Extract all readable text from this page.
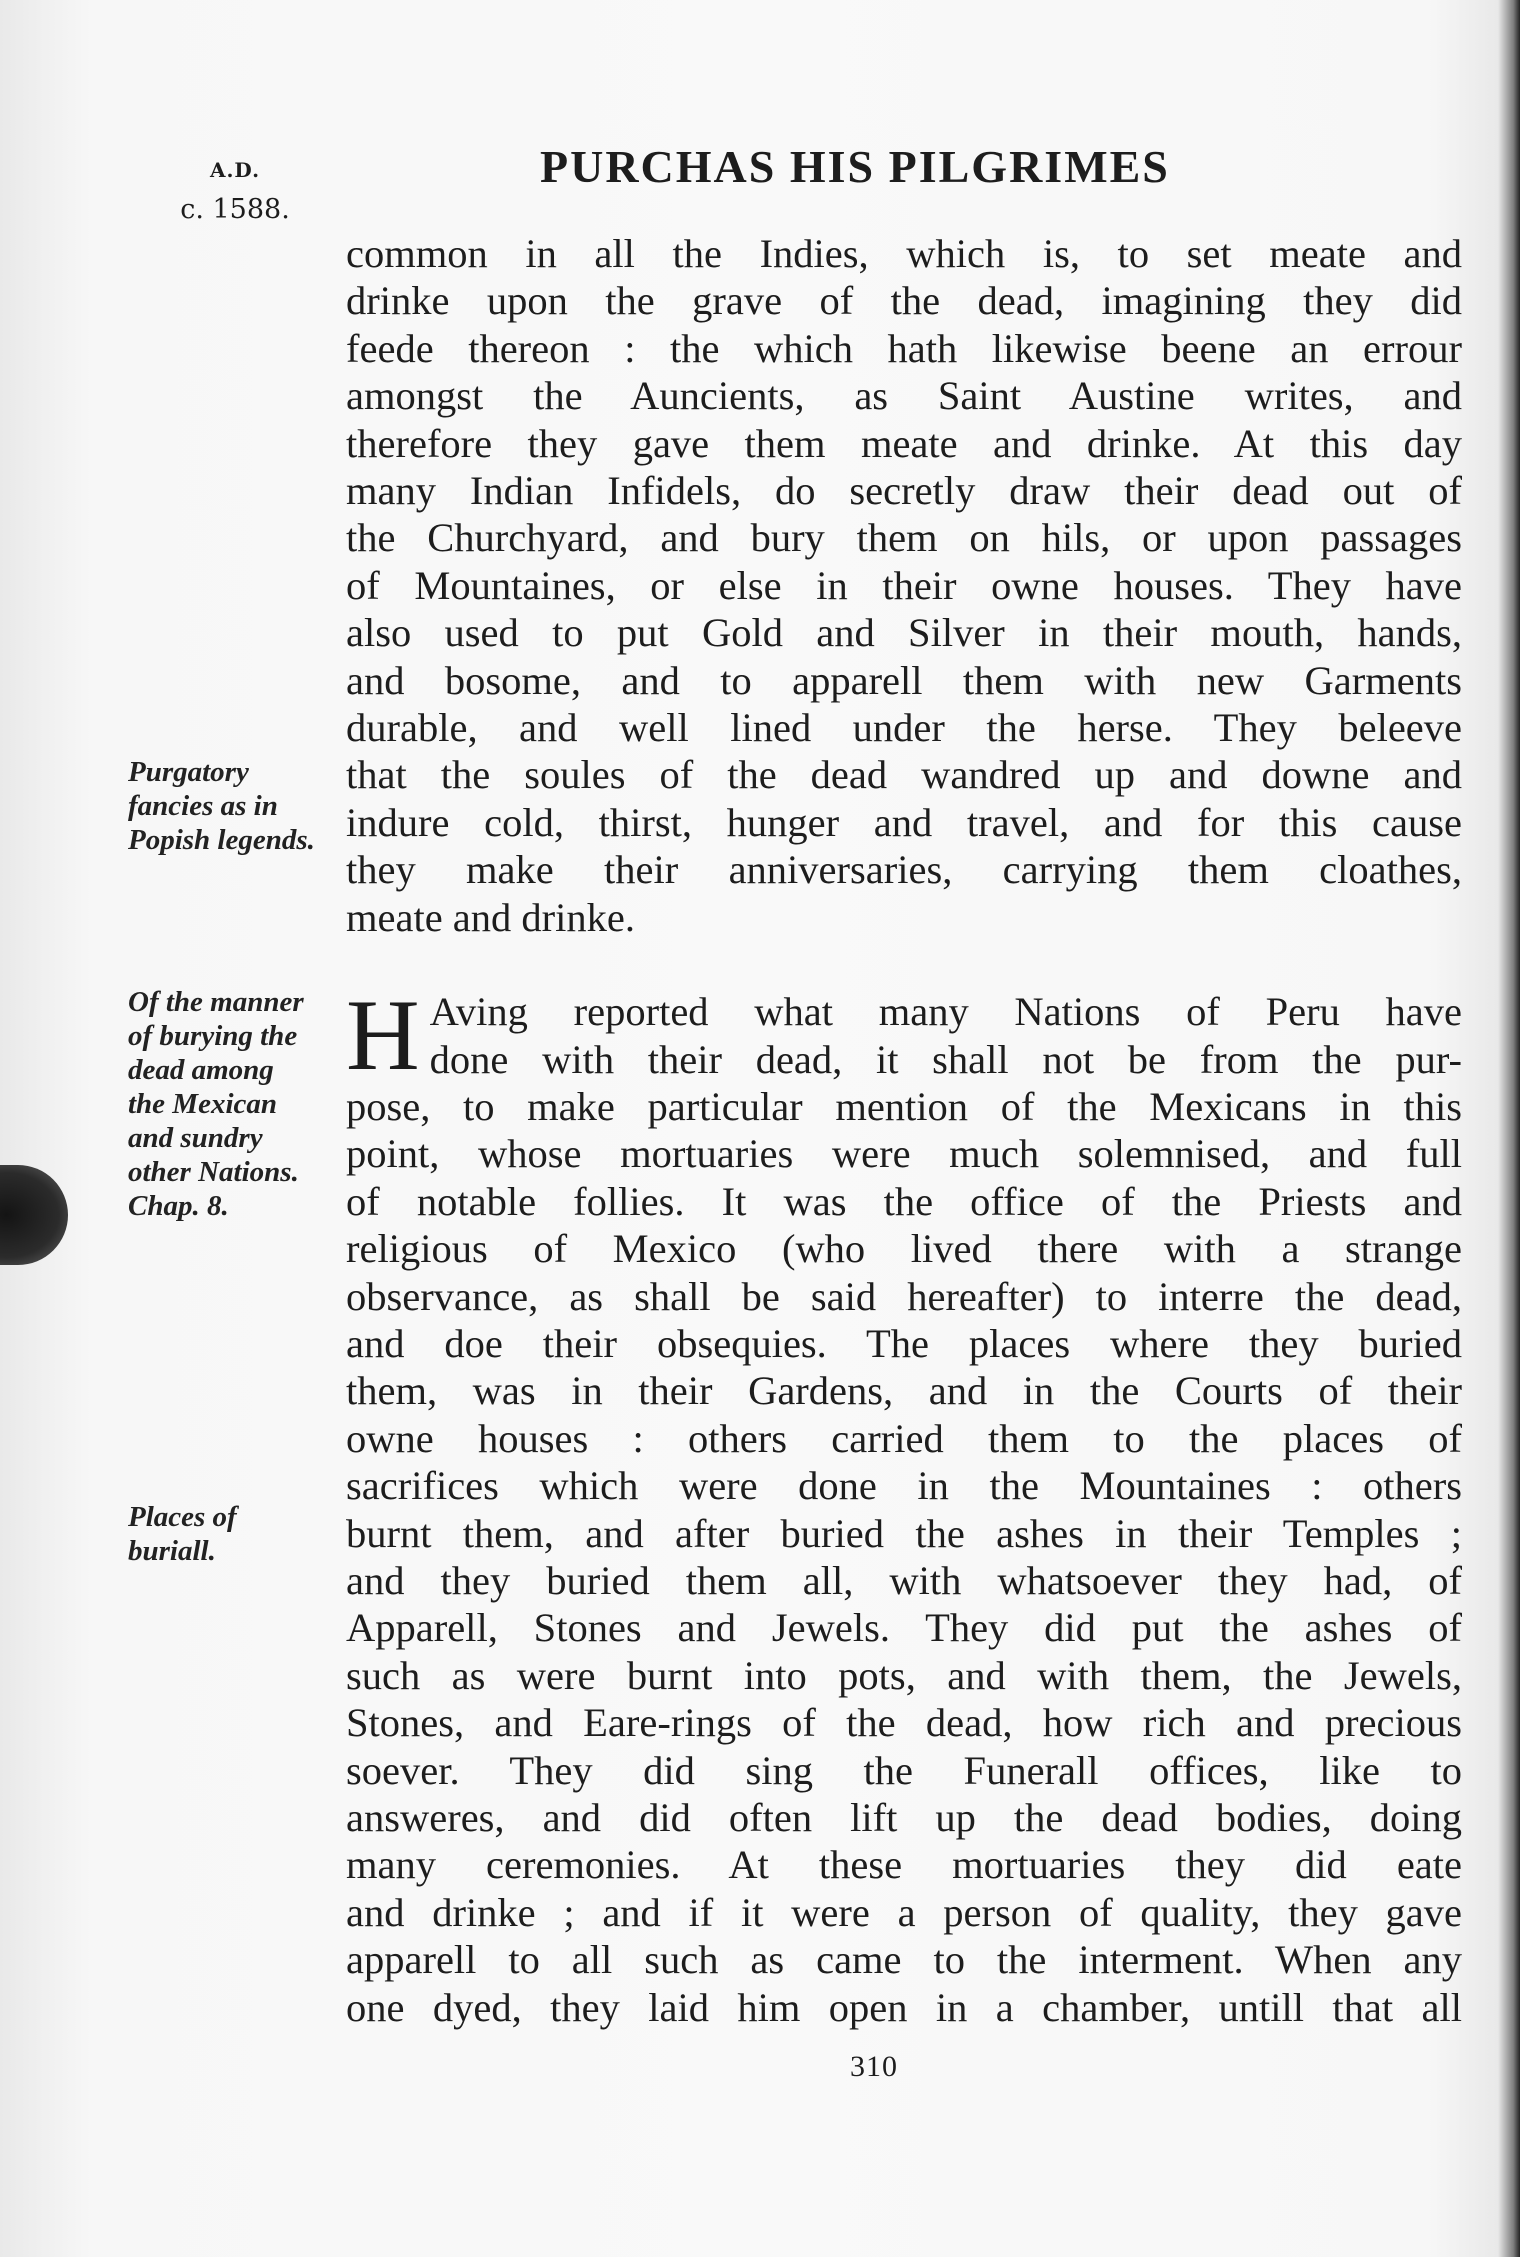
A.D.
c. 1588.
PURCHAS HIS PILGRIMES
Purgatory
fancies as in
Popish legends.
Of the manner
of burying the
dead among
the Mexican
and sundry
other Nations.
Chap. 8.
Places of
buriall.
common in all the Indies, which is, to set meate and
drinke upon the grave of the dead, imagining they did
feede thereon : the which hath likewise beene an errour
amongst the Auncients, as Saint Austine writes, and
therefore they gave them meate and drinke. At this day
many Indian Infidels, do secretly draw their dead out of
the Churchyard, and bury them on hils, or upon passages
of Mountaines, or else in their owne houses. They have
also used to put Gold and Silver in their mouth, hands,
and bosome, and to apparell them with new Garments
durable, and well lined under the herse. They beleeve
that the soules of the dead wandred up and downe and
indure cold, thirst, hunger and travel, and for this cause
they make their anniversaries, carrying them cloathes,
meate and drinke.
H Aving reported what many Nations of Peru have
done with their dead, it shall not be from the pur-
pose, to make particular mention of the Mexicans in this
point, whose mortuaries were much solemnised, and full
of notable follies. It was the office of the Priests and
religious of Mexico (who lived there with a strange
observance, as shall be said hereafter) to interre the dead,
and doe their obsequies. The places where they buried
them, was in their Gardens, and in the Courts of their
owne houses : others carried them to the places of
sacrifices which were done in the Mountaines : others
burnt them, and after buried the ashes in their Temples ;
and they buried them all, with whatsoever they had, of
Apparell, Stones and Jewels. They did put the ashes of
such as were burnt into pots, and with them, the Jewels,
Stones, and Eare-rings of the dead, how rich and precious
soever. They did sing the Funerall offices, like to
answeres, and did often lift up the dead bodies, doing
many ceremonies. At these mortuaries they did eate
and drinke ; and if it were a person of quality, they gave
apparell to all such as came to the interment. When any
one dyed, they laid him open in a chamber, untill that all
310
